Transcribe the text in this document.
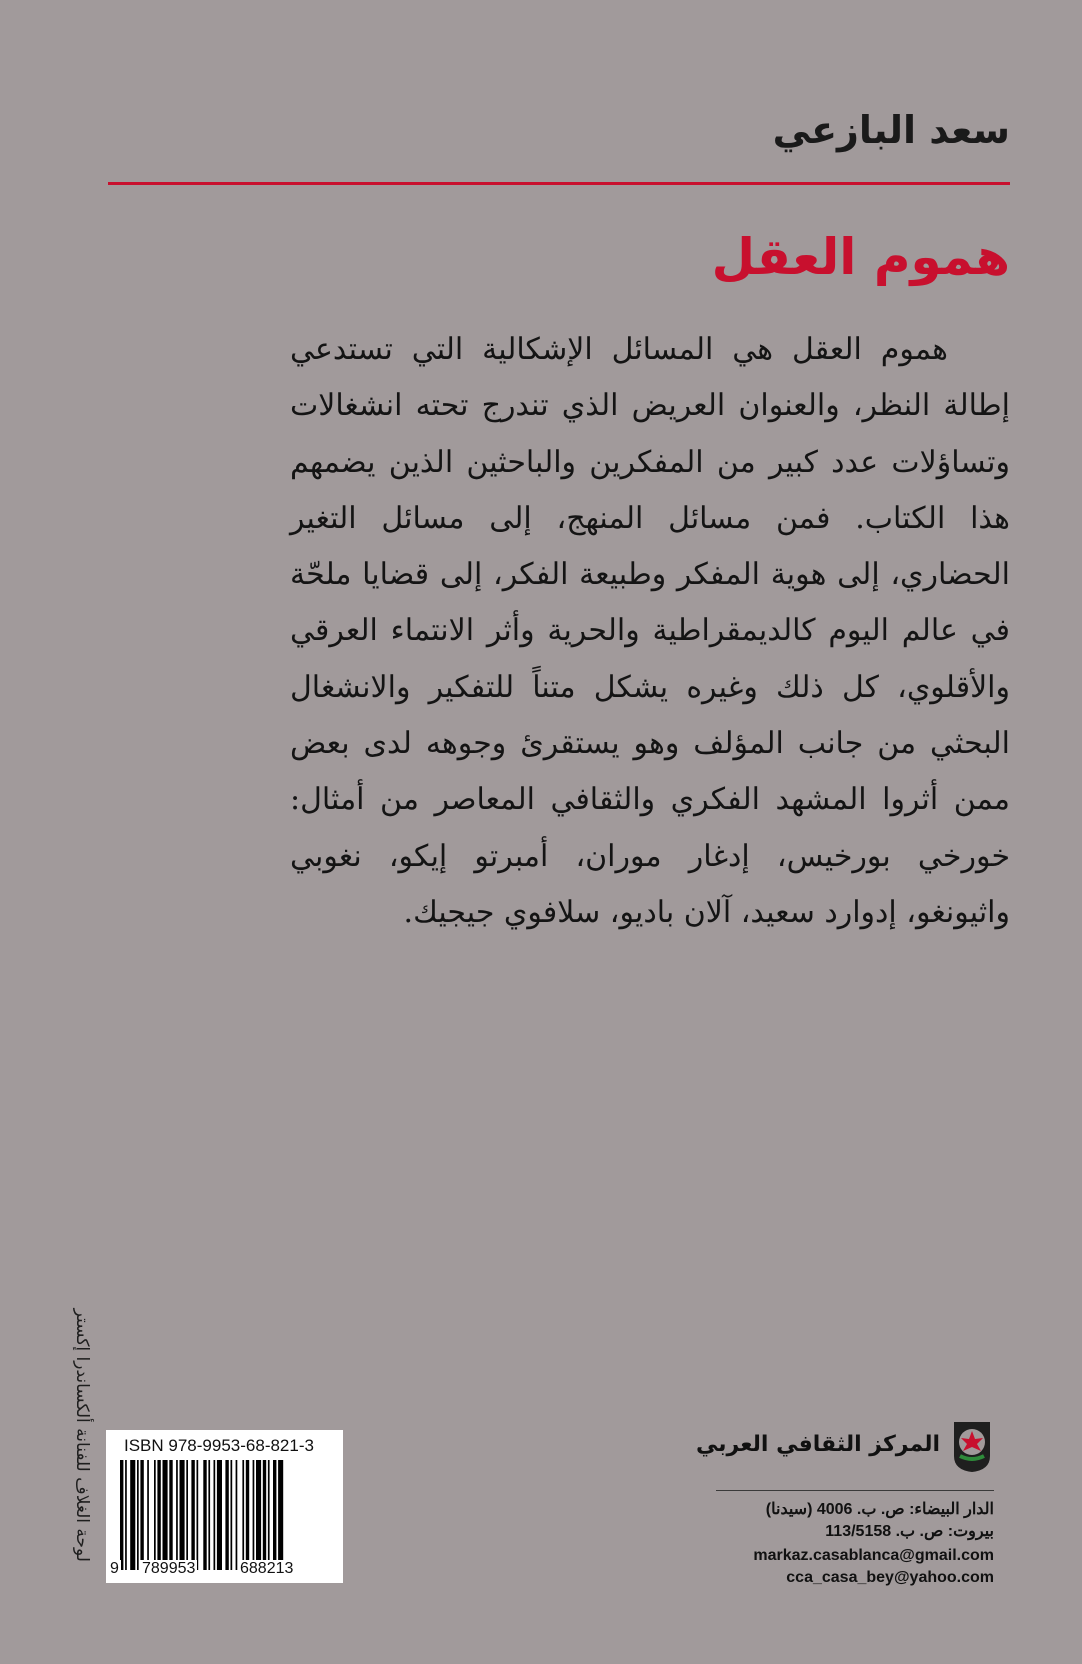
سعد البازعي
هموم العقل

هموم العقل هي المسائل الإشكالية التي تستدعي إطالة النظر، والعنوان العريض الذي تندرج تحته انشغالات وتساؤلات عدد كبير من المفكرين والباحثين الذين يضمهم هذا الكتاب. فمن مسائل المنهج، إلى مسائل التغير الحضاري، إلى هوية المفكر وطبيعة الفكر، إلى قضايا ملحّة في عالم اليوم كالديمقراطية والحرية وأثر الانتماء العرقي والأقلوي، كل ذلك وغيره يشكل متناً للتفكير والانشغال البحثي من جانب المؤلف وهو يستقرئ وجوهه لدى بعض ممن أثروا المشهد الفكري والثقافي المعاصر من أمثال: خورخي بورخيس، إدغار موران، أمبرتو إيكو، نغوبي واثيونغو، إدوارد سعيد، آلان باديو، سلافوي جيجيك.

لوحة الغلاف للفنانة ألكساندرا إكستر ISBN 978-9953-68-821-3
9 789953	688213
المركز الثقافي العربي
الدار البيضاء: ص. ب. 4006 (سيدنا)
بيروت: ص. ب. 113/5158
markaz.casablanca@gmail.com
cca_casa_bey@yahoo.com
